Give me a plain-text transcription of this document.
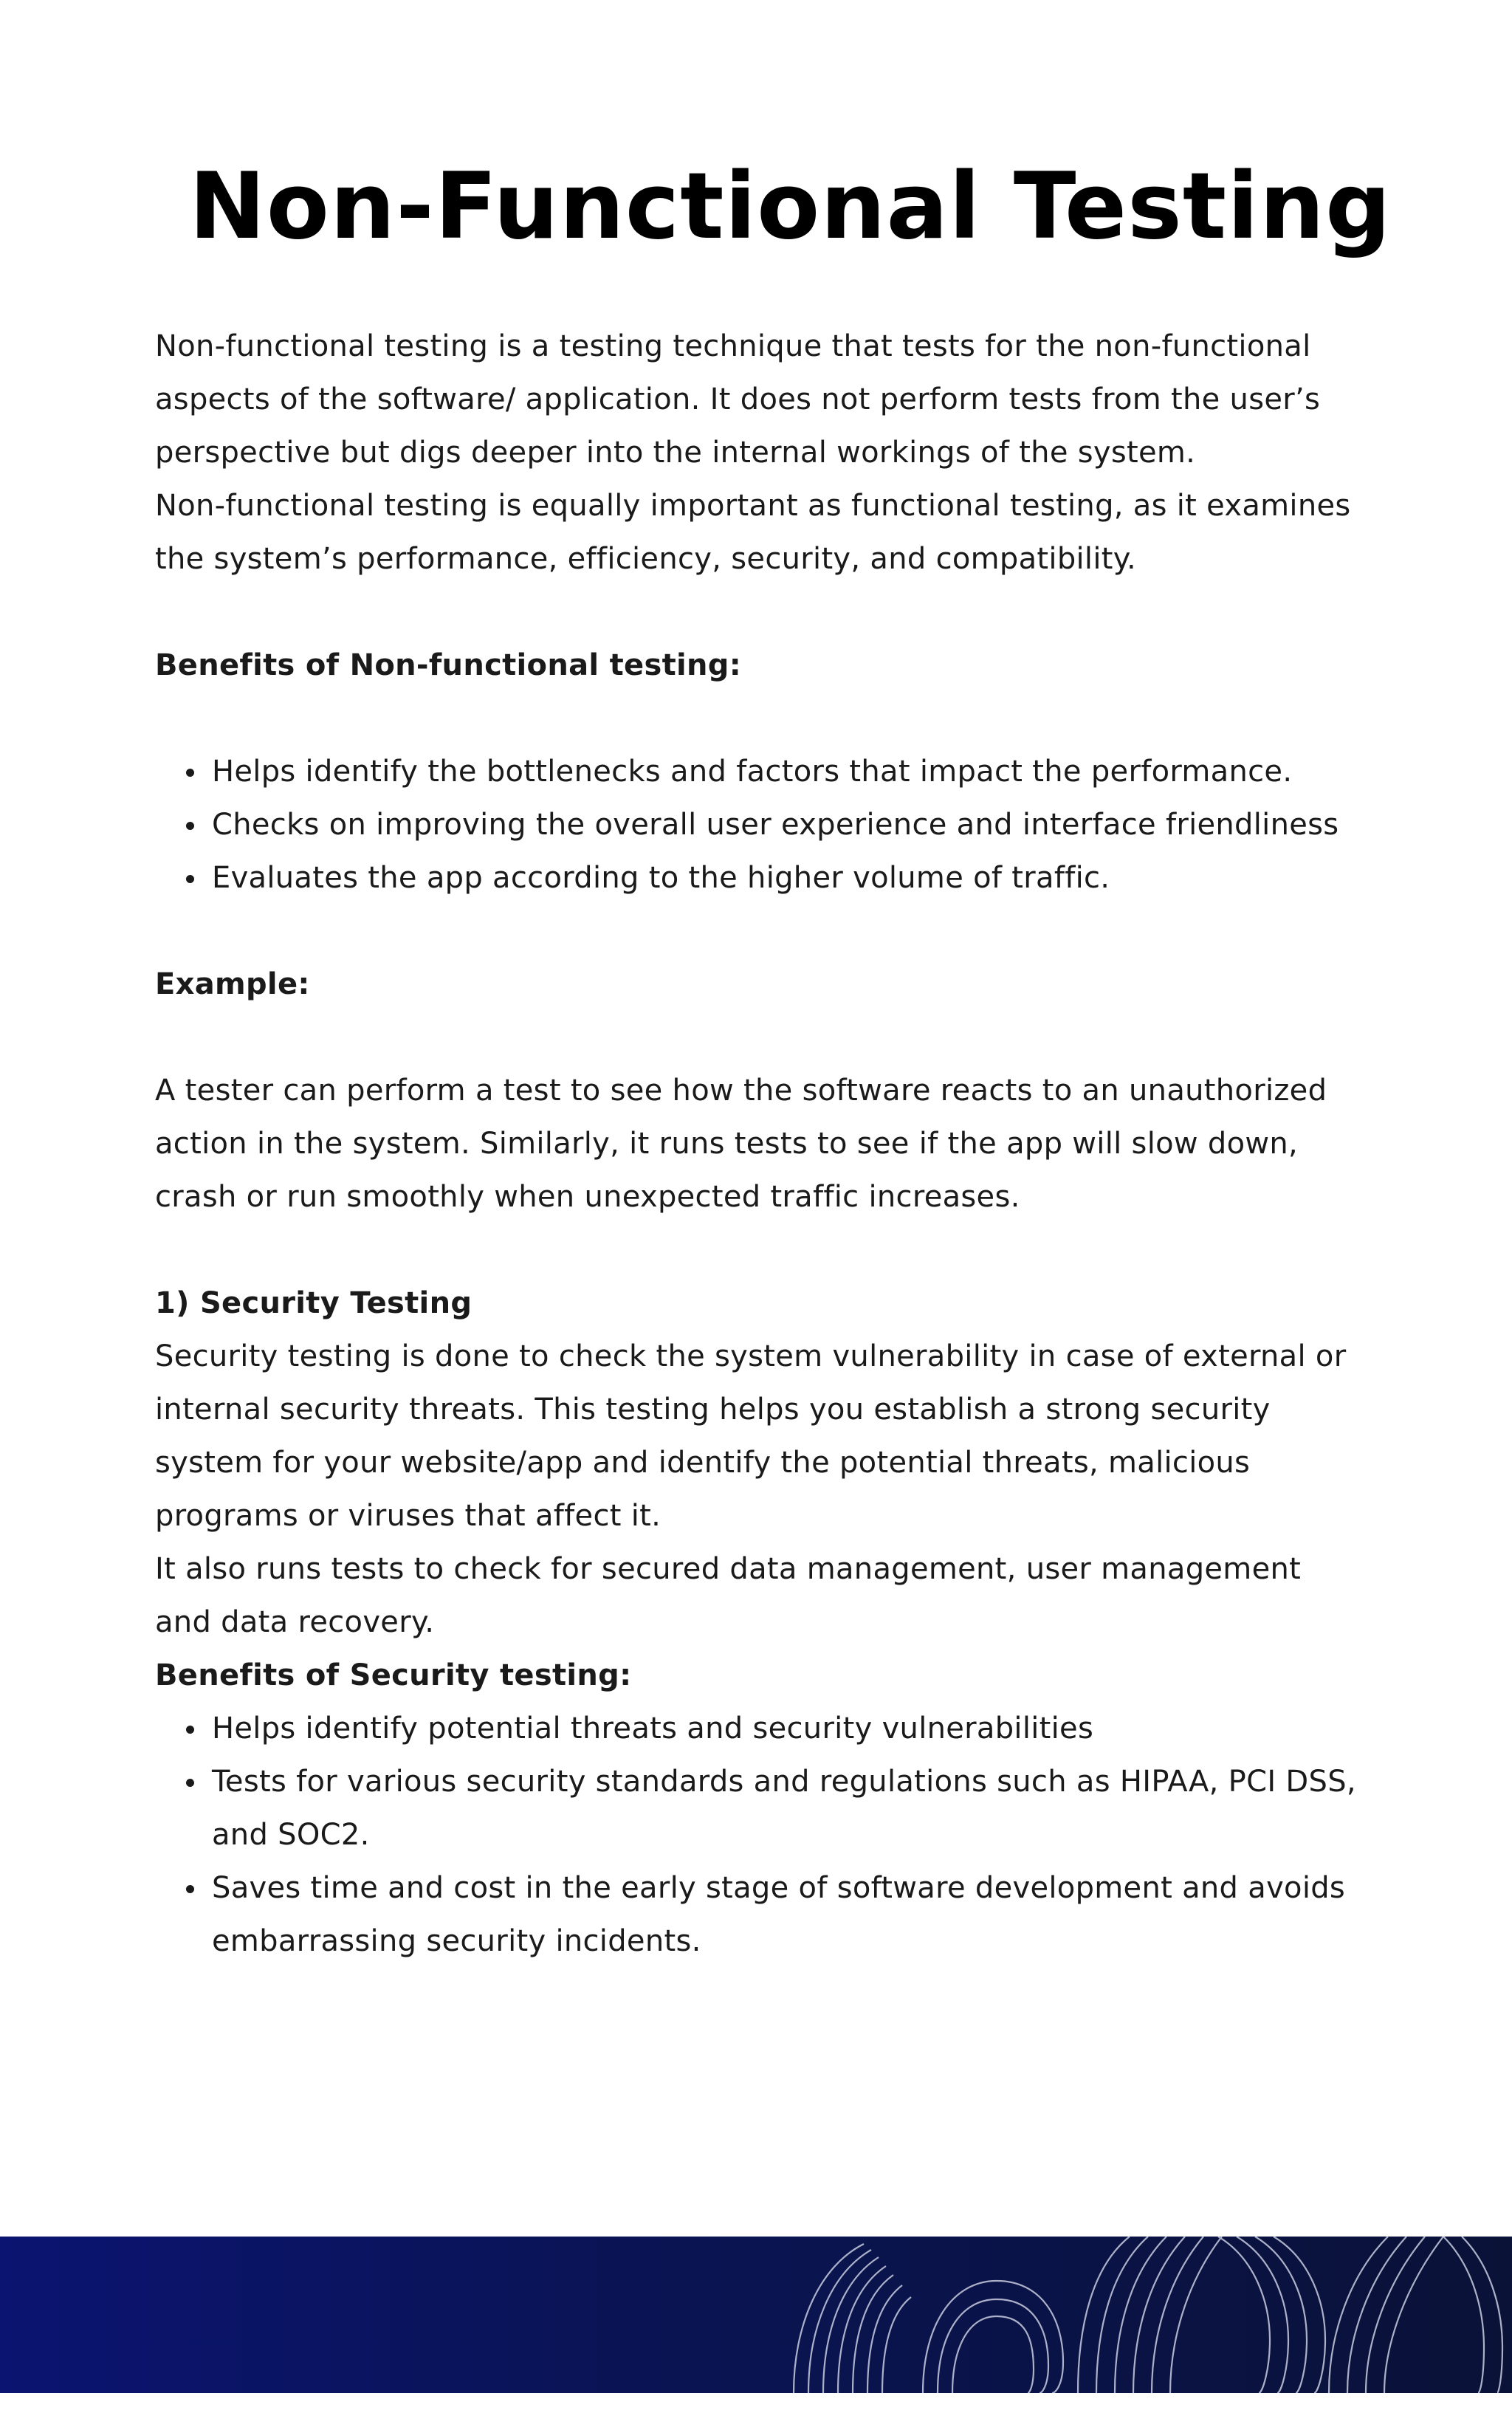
Non-Functional Testing

Non-functional testing is a testing technique that tests for the non-functional aspects of the software/ application. It does not perform tests from the user’s perspective but digs deeper into the internal workings of the system.

Non-functional testing is equally important as functional testing, as it examines the system’s performance, efficiency, security, and compatibility.

Benefits of Non-functional testing:
Helps identify the bottlenecks and factors that impact the performance.
Checks on improving the overall user experience and interface friendliness
Evaluates the app according to the higher volume of traffic.
Example:

A tester can perform a test to see how the software reacts to an unauthorized action in the system. Similarly, it runs tests to see if the app will slow down, crash or run smoothly when unexpected traffic increases.

1) Security Testing

Security testing is done to check the system vulnerability in case of external or internal security threats. This testing helps you establish a strong security system for your website/app and identify the potential threats, malicious programs or viruses that affect it.

It also runs tests to check for secured data management, user management and data recovery.

Benefits of Security testing:
Helps identify potential threats and security vulnerabilities
Tests for various security standards and regulations such as HIPAA, PCI DSS, and SOC2.
Saves time and cost in the early stage of software development and avoids embarrassing security incidents.
